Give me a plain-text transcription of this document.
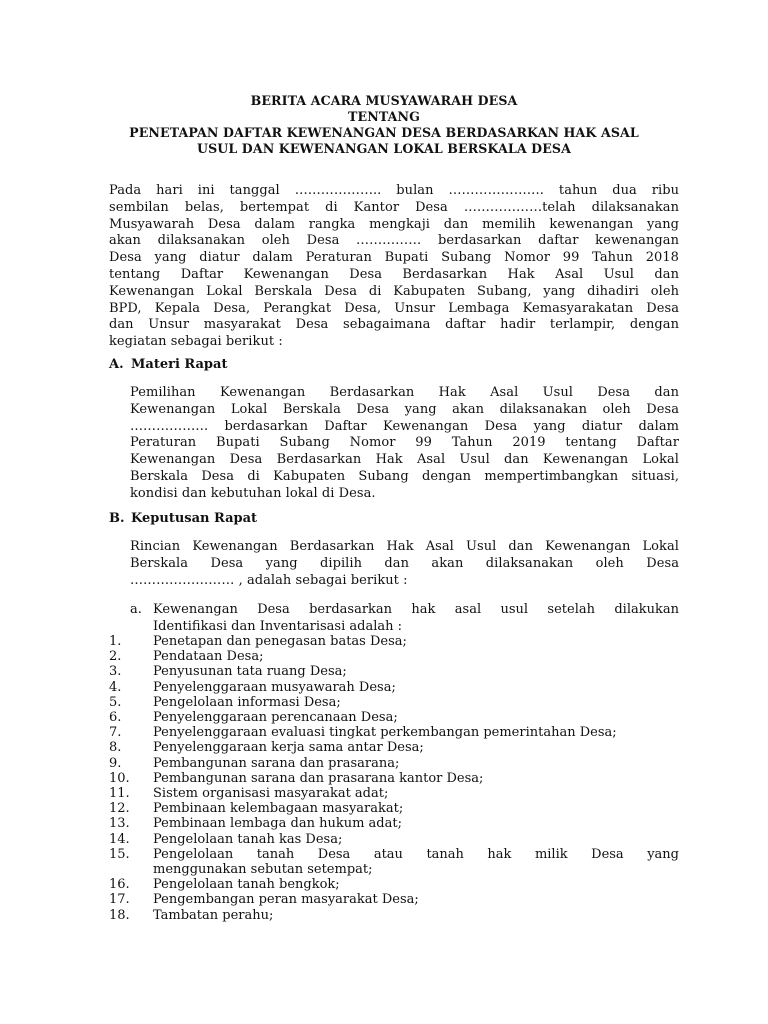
BERITA ACARA MUSYAWARAH DESA
TENTANG
PENETAPAN DAFTAR KEWENANGAN DESA BERDASARKAN HAK ASAL
USUL DAN KEWENANGAN LOKAL BERSKALA DESA
Pada hari ini tanggal ……………….. bulan …………………. tahun dua ribu
sembilan belas, bertempat di Kantor Desa ………………telah dilaksanakan
Musyawarah Desa dalam rangka mengkaji dan memilih kewenangan yang
akan dilaksanakan oleh Desa …………… berdasarkan daftar kewenangan
Desa yang diatur dalam Peraturan Bupati Subang Nomor 99 Tahun 2018
tentang Daftar Kewenangan Desa Berdasarkan Hak Asal Usul dan
Kewenangan Lokal Berskala Desa di Kabupaten Subang, yang dihadiri oleh
BPD, Kepala Desa, Perangkat Desa, Unsur Lembaga Kemasyarakatan Desa
dan Unsur masyarakat Desa sebagaimana daftar hadir terlampir, dengan
kegiatan sebagai berikut :
A. Materi Rapat
Pemilihan Kewenangan Berdasarkan Hak Asal Usul Desa dan
Kewenangan Lokal Berskala Desa yang akan dilaksanakan oleh Desa
……………… berdasarkan Daftar Kewenangan Desa yang diatur dalam
Peraturan Bupati Subang Nomor 99 Tahun 2019 tentang Daftar
Kewenangan Desa Berdasarkan Hak Asal Usul dan Kewenangan Lokal
Berskala Desa di Kabupaten Subang dengan mempertimbangkan situasi,
kondisi dan kebutuhan lokal di Desa.
B. Keputusan Rapat
Rincian Kewenangan Berdasarkan Hak Asal Usul dan Kewenangan Lokal
Berskala Desa yang dipilih dan akan dilaksanakan oleh Desa
…………………… , adalah sebagai berikut :
a. Kewenangan Desa berdasarkan hak asal usul setelah dilakukan
Identifikasi dan Inventarisasi adalah :
1. Penetapan dan penegasan batas Desa;
2. Pendataan Desa;
3. Penyusunan tata ruang Desa;
4. Penyelenggaraan musyawarah Desa;
5. Pengelolaan informasi Desa;
6. Penyelenggaraan perencanaan Desa;
7. Penyelenggaraan evaluasi tingkat perkembangan pemerintahan Desa;
8. Penyelenggaraan kerja sama antar Desa;
9. Pembangunan sarana dan prasarana;
10. Pembangunan sarana dan prasarana kantor Desa;
11. Sistem organisasi masyarakat adat;
12. Pembinaan kelembagaan masyarakat;
13. Pembinaan lembaga dan hukum adat;
14. Pengelolaan tanah kas Desa;
15. Pengelolaan tanah Desa atau tanah hak milik Desa yang
menggunakan sebutan setempat;
16. Pengelolaan tanah bengkok;
17. Pengembangan peran masyarakat Desa;
18. Tambatan perahu;
